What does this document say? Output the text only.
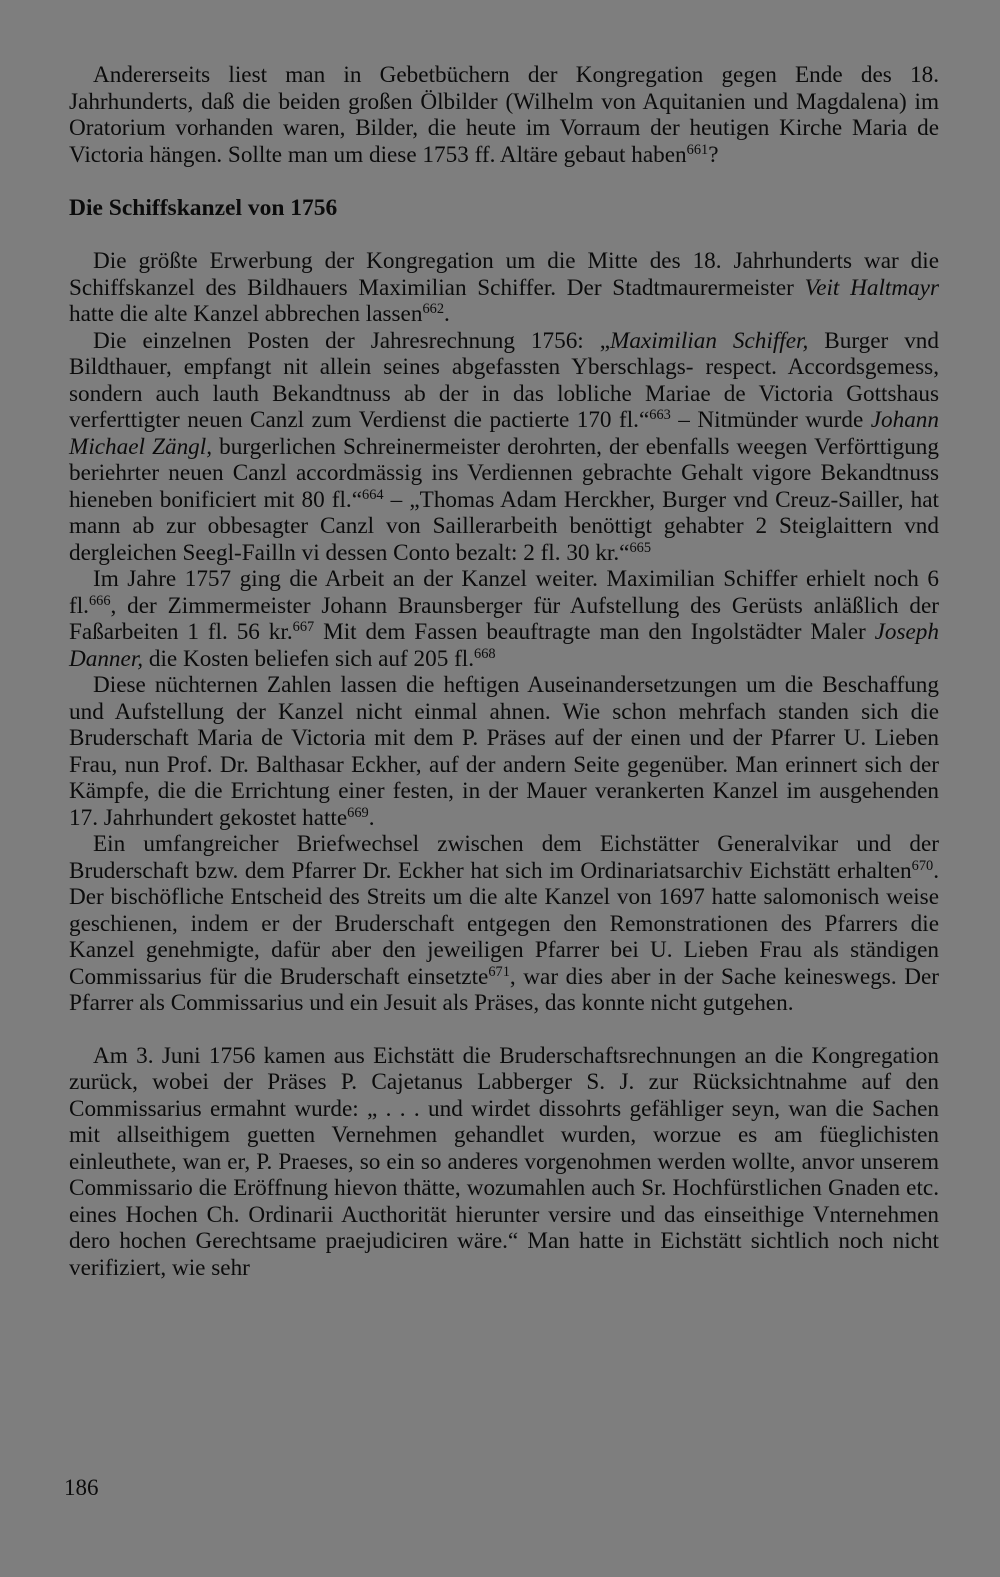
Andererseits liest man in Gebetbüchern der Kongregation gegen Ende des 18. Jahrhunderts, daß die beiden großen Ölbilder (Wilhelm von Aquitanien und Magdalena) im Oratorium vorhanden waren, Bilder, die heute im Vorraum der heutigen Kirche Maria de Victoria hängen. Sollte man um diese 1753 ff. Altäre gebaut haben$^{661}$?

Die Schiffskanzel von 1756

Die größte Erwerbung der Kongregation um die Mitte des 18. Jahrhunderts war die Schiffskanzel des Bildhauers Maximilian Schiffer. Der Stadtmaurermeister Veit Haltmayr hatte die alte Kanzel abbrechen lassen$^{662}$.

Die einzelnen Posten der Jahresrechnung 1756: „Maximilian Schiffer, Burger vnd Bildthauer, empfangt nit allein seines abgefassten Yberschlags- respect. Accordsgemess, sondern auch lauth Bekandtnuss ab der in das lobliche Mariae de Victoria Gottshaus verferttigter neuen Canzl zum Verdienst die pactierte 170 fl.“$^{663}$ – Nitmünder wurde Johann Michael Zängl, burgerlichen Schreinermeister derohrten, der ebenfalls weegen Verförttigung beriehrter neuen Canzl accordmässig ins Verdiennen gebrachte Gehalt vigore Bekandtnuss hieneben bonificiert mit 80 fl.“$^{664}$ – „Thomas Adam Herckher, Burger vnd Creuz-Sailler, hat mann ab zur obbesagter Canzl von Saillerarbeith benöttigt gehabter 2 Steiglaittern vnd dergleichen Seegl-Failln vi dessen Conto bezalt: 2 fl. 30 kr.“$^{665}$

Im Jahre 1757 ging die Arbeit an der Kanzel weiter. Maximilian Schiffer erhielt noch 6 fl.$^{666}$, der Zimmermeister Johann Braunsberger für Aufstellung des Gerüsts anläßlich der Faßarbeiten 1 fl. 56 kr.$^{667}$ Mit dem Fassen beauftragte man den Ingolstädter Maler Joseph Danner, die Kosten beliefen sich auf 205 fl.$^{668}$

Diese nüchternen Zahlen lassen die heftigen Auseinandersetzungen um die Beschaffung und Aufstellung der Kanzel nicht einmal ahnen. Wie schon mehrfach standen sich die Bruderschaft Maria de Victoria mit dem P. Präses auf der einen und der Pfarrer U. Lieben Frau, nun Prof. Dr. Balthasar Eckher, auf der andern Seite gegenüber. Man erinnert sich der Kämpfe, die die Errichtung einer festen, in der Mauer verankerten Kanzel im ausgehenden 17. Jahrhundert gekostet hatte$^{669}$.

Ein umfangreicher Briefwechsel zwischen dem Eichstätter Generalvikar und der Bruderschaft bzw. dem Pfarrer Dr. Eckher hat sich im Ordinariatsarchiv Eichstätt erhalten$^{670}$. Der bischöfliche Entscheid des Streits um die alte Kanzel von 1697 hatte salomonisch weise geschienen, indem er der Bruderschaft entgegen den Remonstrationen des Pfarrers die Kanzel genehmigte, dafür aber den jeweiligen Pfarrer bei U. Lieben Frau als ständigen Commissarius für die Bruderschaft einsetzte$^{671}$, war dies aber in der Sache keineswegs. Der Pfarrer als Commissarius und ein Jesuit als Präses, das konnte nicht gutgehen.

Am 3. Juni 1756 kamen aus Eichstätt die Bruderschaftsrechnungen an die Kongregation zurück, wobei der Präses P. Cajetanus Labberger S. J. zur Rücksichtnahme auf den Commissarius ermahnt wurde: „ . . . und wirdet dissohrts gefähliger seyn, wan die Sachen mit allseithigem guetten Vernehmen gehandlet wurden, worzue es am füeglichisten einleuthete, wan er, P. Praeses, so ein so anderes vorgenohmen werden wollte, anvor unserem Commissario die Eröffnung hievon thätte, wozumahlen auch Sr. Hochfürstlichen Gnaden etc. eines Hochen Ch. Ordinarii Aucthorität hierunter versire und das einseithige Vnternehmen dero hochen Gerechtsame praejudiciren wäre.“ Man hatte in Eichstätt sichtlich noch nicht verifiziert, wie sehr

186
